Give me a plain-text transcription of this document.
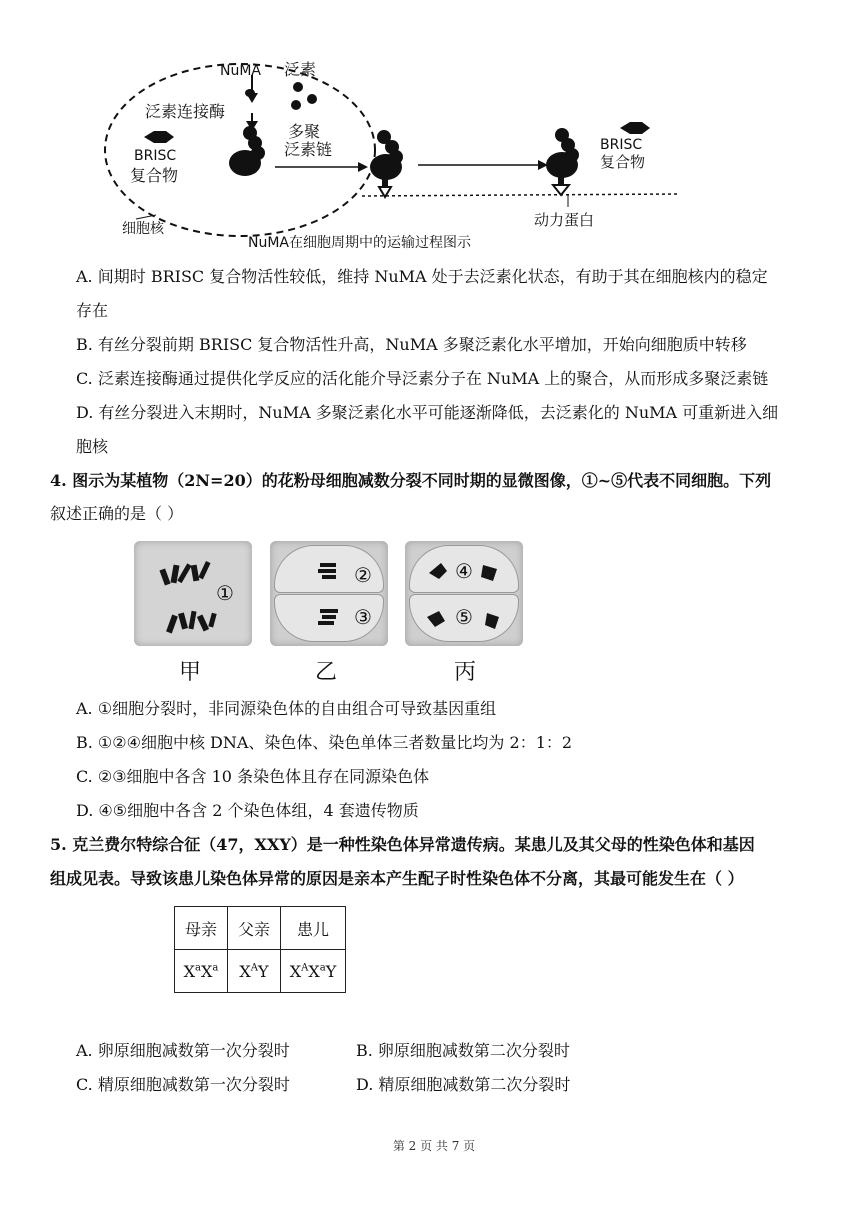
NuMA 泛素
泛素连接酶
多聚
泛素链
BRISC
复合物
BRISC
复合物
细胞核	动力蛋白
NuMA在细胞周期中的运输过程图示
A. 间期时 BRISC 复合物活性较低，维持 NuMA 处于去泛素化状态，有助于其在细胞核内的稳定
存在
B. 有丝分裂前期 BRISC 复合物活性升高，NuMA 多聚泛素化水平增加，开始向细胞质中转移
C. 泛素连接酶通过提供化学反应的活化能介导泛素分子在 NuMA 上的聚合，从而形成多聚泛素链
D. 有丝分裂进入末期时，NuMA 多聚泛素化水平可能逐渐降低，去泛素化的 NuMA 可重新进入细
胞核
4. 图示为某植物（2N=20）的花粉母细胞减数分裂不同时期的显微图像，①~⑤代表不同细胞。下列
叙述正确的是（ ）
①
②
③
④
⑤
甲	乙	丙
A. ①细胞分裂时，非同源染色体的自由组合可导致基因重组
B. ①②④细胞中核 DNA、染色体、染色单体三者数量比均为 2：1：2
C. ②③细胞中各含 10 条染色体且存在同源染色体
D. ④⑤细胞中各含 2 个染色体组，4 套遗传物质
5. 克兰费尔特综合征（47，XXY）是一种性染色体异常遗传病。某患儿及其父母的性染色体和基因
组成见表。导致该患儿染色体异常的原因是亲本产生配子时性染色体不分离，其最可能发生在（ ）
母亲	父亲	患儿
$X^aX^a$	$X^AY$	$X^AX^aY$
A. 卵原细胞减数第一次分裂时	B. 卵原细胞减数第二次分裂时
C. 精原细胞减数第一次分裂时	D. 精原细胞减数第二次分裂时
第 2 页 共 7 页
